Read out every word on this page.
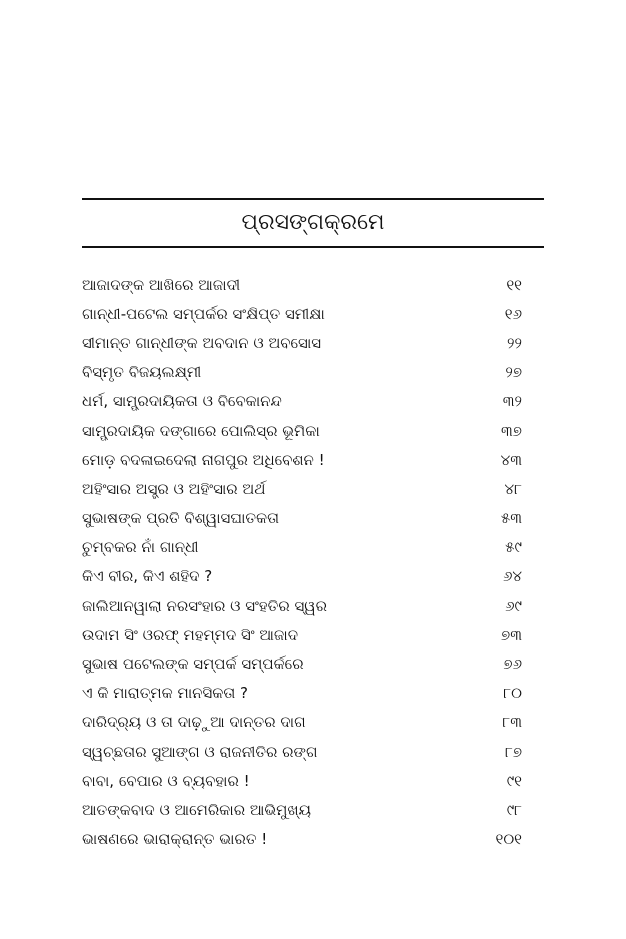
ପ୍ରସଙ୍ଗକ୍ରମେ
ଆଜାଦଙ୍କ ଆଖିରେ ଆଜାଦୀ	୧୧
ଗାନ୍ଧୀ-ପଟେଲ ସମ୍ପର୍କର ସଂକ୍ଷିପ୍ତ ସମୀକ୍ଷା	୧୬
ସୀମାନ୍ତ ଗାନ୍ଧୀଙ୍କ ଅବଦାନ ଓ ଅବସୋସ	୨୨
ବିସ୍ମୃତ ବିଜୟଲକ୍ଷ୍ମୀ	୨୭
ଧର୍ମ, ସାମ୍ପ୍ରଦାୟିକତା ଓ ବିବେକାନନ୍ଦ	୩୨
ସାମ୍ପ୍ରଦାୟିକ ଦଙ୍ଗାରେ ପୋଲିସ୍‌ର ଭୂମିକା	୩୭
ମୋଡ଼ ବଦଳାଇଦେଲା ନାଗପୁର ଅଧିବେଶନ !	୪୩
ଅହିଂସାର ଅସ୍ତ୍ର ଓ ଅହିଂସାର ଅର୍ଥ	୪୮
ସୁଭାଷଙ୍କ ପ୍ରତି ବିଶ୍ୱାସଘାତକତା	୫୩
ଚୁମ୍ବକର ନାଁ ଗାନ୍ଧୀ	୫୯
କିଏ ବୀର, କିଏ ଶହିଦ ?	୬୪
ଜାଲିଆନୱାଲା ନରସଂହାର ଓ ସଂହତିର ସ୍ୱର	୬୯
ଉଦାମ ସିଂ ଓରଫ୍ ମହମ୍ମଦ ସିଂ ଆଜାଦ	୭୩
ସୁଭାଷ ପଟେଲଙ୍କ ସମ୍ପର୍କ ସମ୍ପର୍କରେ	୭୬
ଏ କି ମାରାତ୍ମକ ମାନସିକତା ?	୮୦
ଦାରିଦ୍ର୍ୟ ଓ ତା ଦାଢ଼ୁଆ ଦାନ୍ତର ଦାଗ	୮୩
ସ୍ୱଚ୍ଛତାର ସୁଆଙ୍ଗ ଓ ରାଜନୀତିର ରଙ୍ଗ	୮୭
ବାବା, ବେପାର ଓ ବ୍ୟବହାର !	୯୧
ଆତଙ୍କବାଦ ଓ ଆମେରିକାର ଆଭିମୁଖ୍ୟ	୯୮
ଭାଷଣରେ ଭାରାକ୍ରାନ୍ତ ଭାରତ !	୧୦୧
